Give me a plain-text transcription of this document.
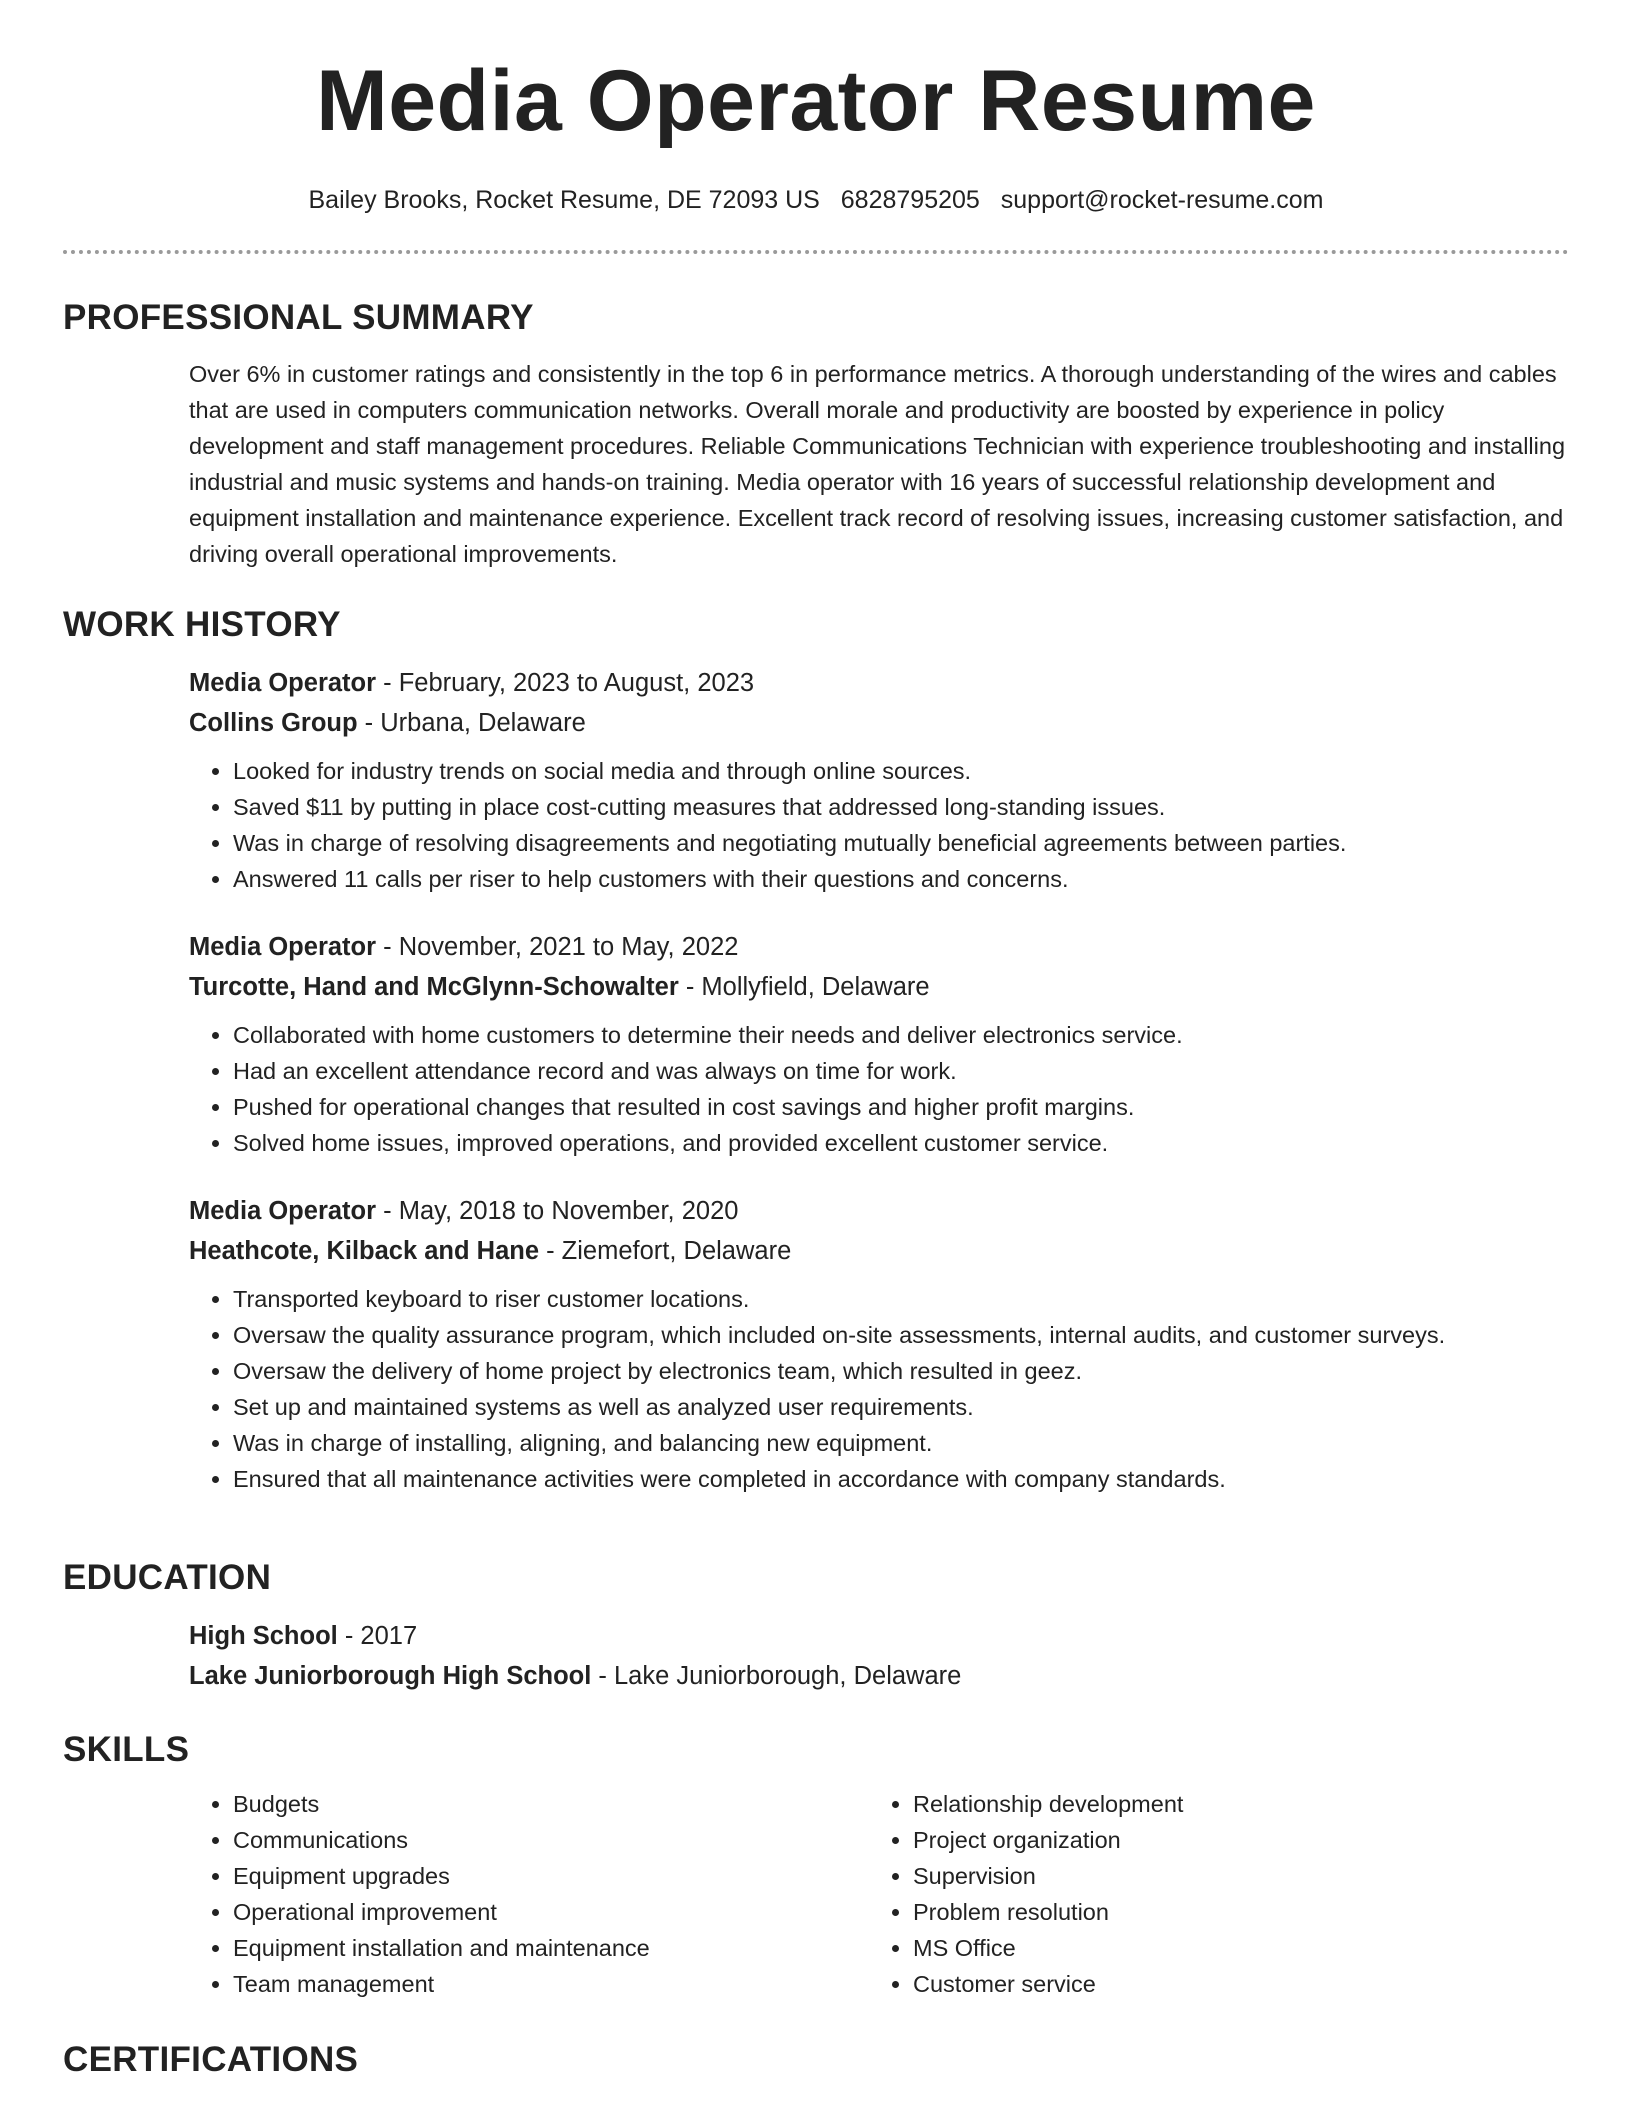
Media Operator Resume
Bailey Brooks, Rocket Resume, DE 72093 US 6828795205 support@rocket-resume.com
PROFESSIONAL SUMMARY
Over 6% in customer ratings and consistently in the top 6 in performance metrics. A thorough understanding of the wires and cables that are used in computers communication networks. Overall morale and productivity are boosted by experience in policy development and staff management procedures. Reliable Communications Technician with experience troubleshooting and installing industrial and music systems and hands-on training. Media operator with 16 years of successful relationship development and equipment installation and maintenance experience. Excellent track record of resolving issues, increasing customer satisfaction, and driving overall operational improvements.
WORK HISTORY
Media Operator - February, 2023 to August, 2023
Collins Group - Urbana, Delaware
• Looked for industry trends on social media and through online sources.
• Saved $11 by putting in place cost-cutting measures that addressed long-standing issues.
• Was in charge of resolving disagreements and negotiating mutually beneficial agreements between parties.
• Answered 11 calls per riser to help customers with their questions and concerns.
Media Operator - November, 2021 to May, 2022
Turcotte, Hand and McGlynn-Schowalter - Mollyfield, Delaware
• Collaborated with home customers to determine their needs and deliver electronics service.
• Had an excellent attendance record and was always on time for work.
• Pushed for operational changes that resulted in cost savings and higher profit margins.
• Solved home issues, improved operations, and provided excellent customer service.
Media Operator - May, 2018 to November, 2020
Heathcote, Kilback and Hane - Ziemefort, Delaware
• Transported keyboard to riser customer locations.
• Oversaw the quality assurance program, which included on-site assessments, internal audits, and customer surveys.
• Oversaw the delivery of home project by electronics team, which resulted in geez.
• Set up and maintained systems as well as analyzed user requirements.
• Was in charge of installing, aligning, and balancing new equipment.
• Ensured that all maintenance activities were completed in accordance with company standards.
EDUCATION
High School - 2017
Lake Juniorborough High School - Lake Juniorborough, Delaware
SKILLS
• Budgets
• Communications
• Equipment upgrades
• Operational improvement
• Equipment installation and maintenance
• Team management
• Relationship development
• Project organization
• Supervision
• Problem resolution
• MS Office
• Customer service
CERTIFICATIONS
